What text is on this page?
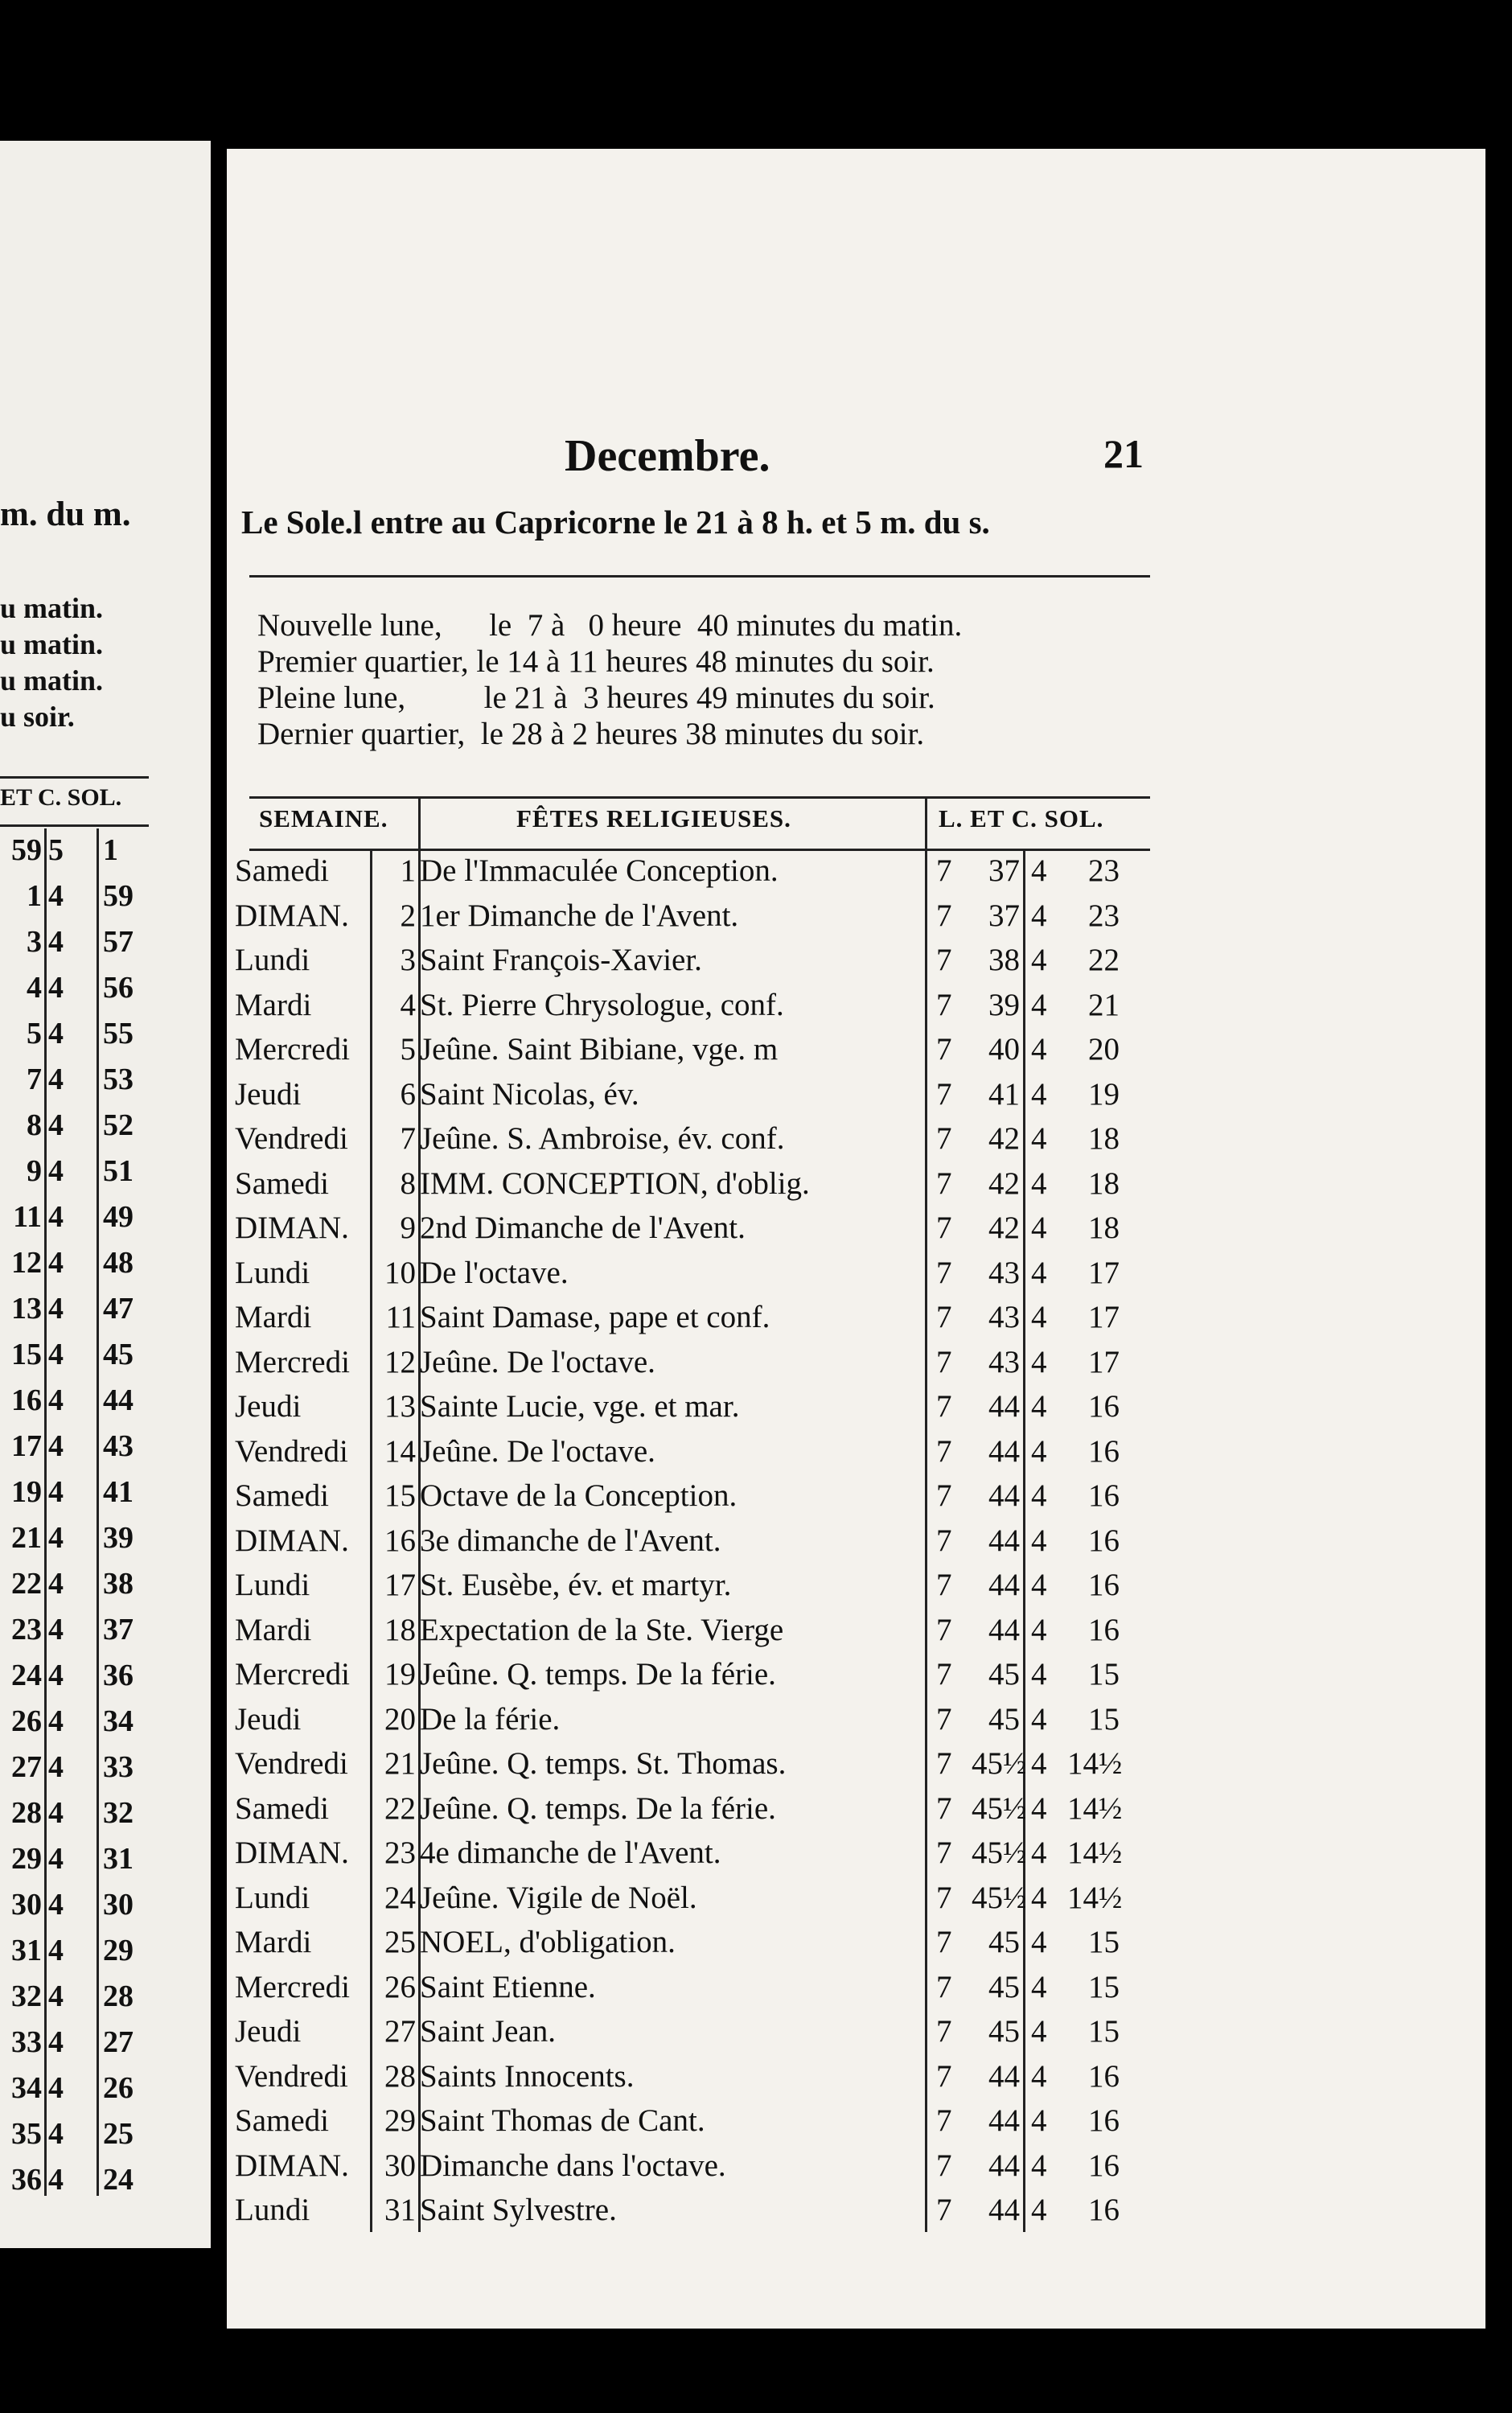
m. du m.
u matin.
u matin.
u matin.
u soir.
ET C. SOL.
59 5 1
1 4 59
3 4 57
4 4 56
5 4 55
7 4 53
8 4 52
9 4 51
11 4 49
12 4 48
13 4 47
15 4 45
16 4 44
17 4 43
19 4 41
21 4 39
22 4 38
23 4 37
24 4 36
26 4 34
27 4 33
28 4 32
29 4 31
30 4 30
31 4 29
32 4 28
33 4 27
34 4 26
35 4 25
36 4 24
Decembre.	21
Le Sole.l entre au Capricorne le 21 à 8 h. et 5 m. du s.
Nouvelle lune,      le  7 à   0 heure  40 minutes du matin.
Premier quartier, le 14 à 11 heures 48 minutes du soir.
Pleine lune,          le 21 à  3 heures 49 minutes du soir.
Dernier quartier,  le 28 à 2 heures 38 minutes du soir.
SEMAINE.	FÊTES RELIGIEUSES.	L. ET C. SOL.
Samedi	1 De l'Immaculée Conception.	7	37 4	23
DIMAN.	2 1er Dimanche de l'Avent.	7	37 4	23
Lundi	3 Saint François-Xavier.	7	38 4	22
Mardi	4 St. Pierre Chrysologue, conf.	7	39 4	21
Mercredi	5 Jeûne. Saint Bibiane, vge. m	7	40 4	20
Jeudi	6 Saint Nicolas, év.	7	41 4	19
Vendredi	7 Jeûne. S. Ambroise, év. conf.	7	42 4	18
Samedi	8 IMM. CONCEPTION, d'oblig.	7	42 4	18
DIMAN.	9 2nd Dimanche de l'Avent.	7	42 4	18
Lundi	10 De l'octave.	7	43 4	17
Mardi	11 Saint Damase, pape et conf.	7	43 4	17
Mercredi	12 Jeûne. De l'octave.	7	43 4	17
Jeudi	13 Sainte Lucie, vge. et mar.	7	44 4	16
Vendredi	14 Jeûne. De l'octave.	7	44 4	16
Samedi	15 Octave de la Conception.	7	44 4	16
DIMAN.	16 3e dimanche de l'Avent.	7	44 4	16
Lundi	17 St. Eusèbe, év. et martyr.	7	44 4	16
Mardi	18 Expectation de la Ste. Vierge	7	44 4	16
Mercredi	19 Jeûne. Q. temps. De la férie.	7	45 4	15
Jeudi	20 De la férie.	7	45 4	15
Vendredi	21 Jeûne. Q. temps. St. Thomas.	7 45½ 4 14½
Samedi	22 Jeûne. Q. temps. De la férie.	7 45½ 4 14½
DIMAN.	23 4e dimanche de l'Avent.	7 45½ 4 14½
Lundi	24 Jeûne. Vigile de Noël.	7 45½ 4 14½
Mardi	25 NOEL, d'obligation.	7	45 4	15
Mercredi	26 Saint Etienne.	7	45 4	15
Jeudi	27 Saint Jean.	7	45 4	15
Vendredi	28 Saints Innocents.	7	44 4	16
Samedi	29 Saint Thomas de Cant.	7	44 4	16
DIMAN.	30 Dimanche dans l'octave.	7	44 4	16
Lundi	31 Saint Sylvestre.	7	44 4	16
